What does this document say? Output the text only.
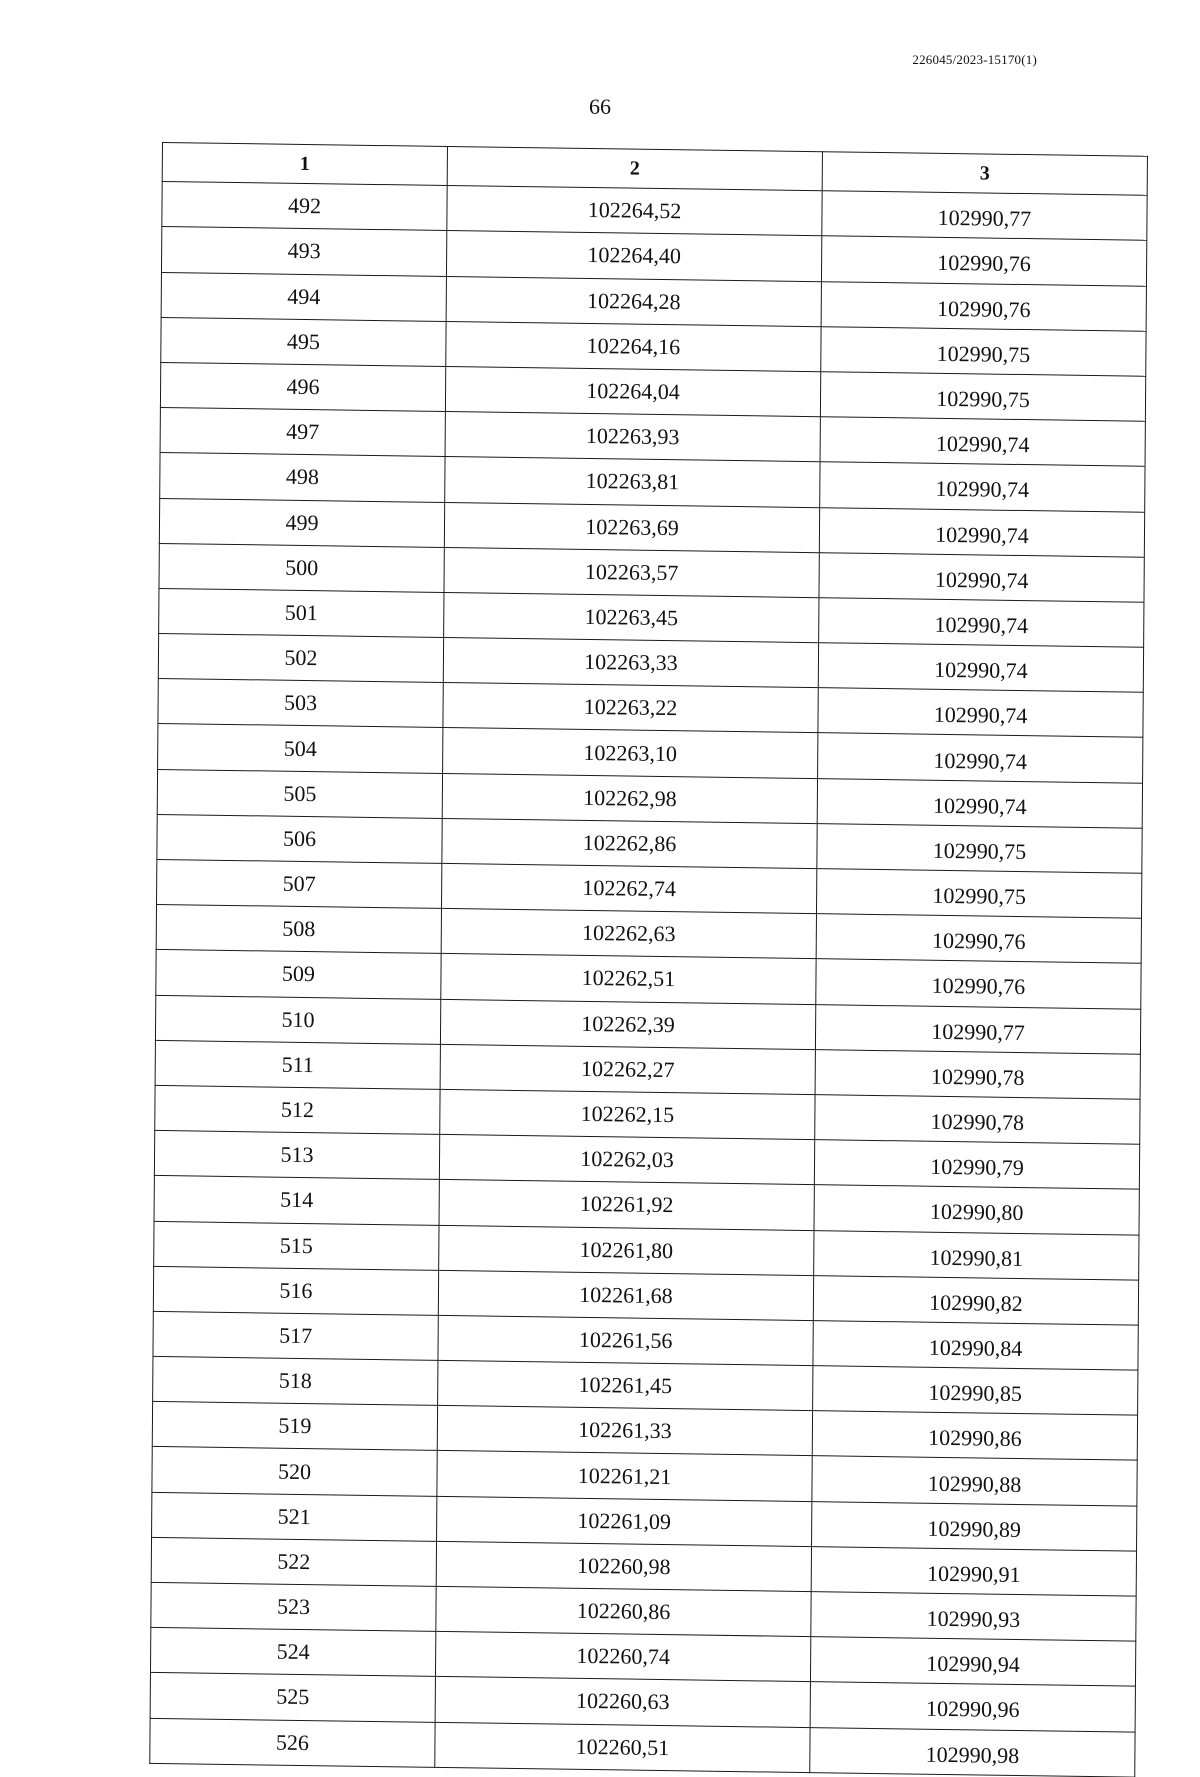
226045/2023-15170(1)
66
1	2	3
492	102264,52	102990,77
493	102264,40	102990,76
494	102264,28	102990,76
495	102264,16	102990,75
496	102264,04	102990,75
497	102263,93	102990,74
498	102263,81	102990,74
499	102263,69	102990,74
500	102263,57	102990,74
501	102263,45	102990,74
502	102263,33	102990,74
503	102263,22	102990,74
504	102263,10	102990,74
505	102262,98	102990,74
506	102262,86	102990,75
507	102262,74	102990,75
508	102262,63	102990,76
509	102262,51	102990,76
510	102262,39	102990,77
511	102262,27	102990,78
512	102262,15	102990,78
513	102262,03	102990,79
514	102261,92	102990,80
515	102261,80	102990,81
516	102261,68	102990,82
517	102261,56	102990,84
518	102261,45	102990,85
519	102261,33	102990,86
520	102261,21	102990,88
521	102261,09	102990,89
522	102260,98	102990,91
523	102260,86	102990,93
524	102260,74	102990,94
525	102260,63	102990,96
526	102260,51	102990,98
